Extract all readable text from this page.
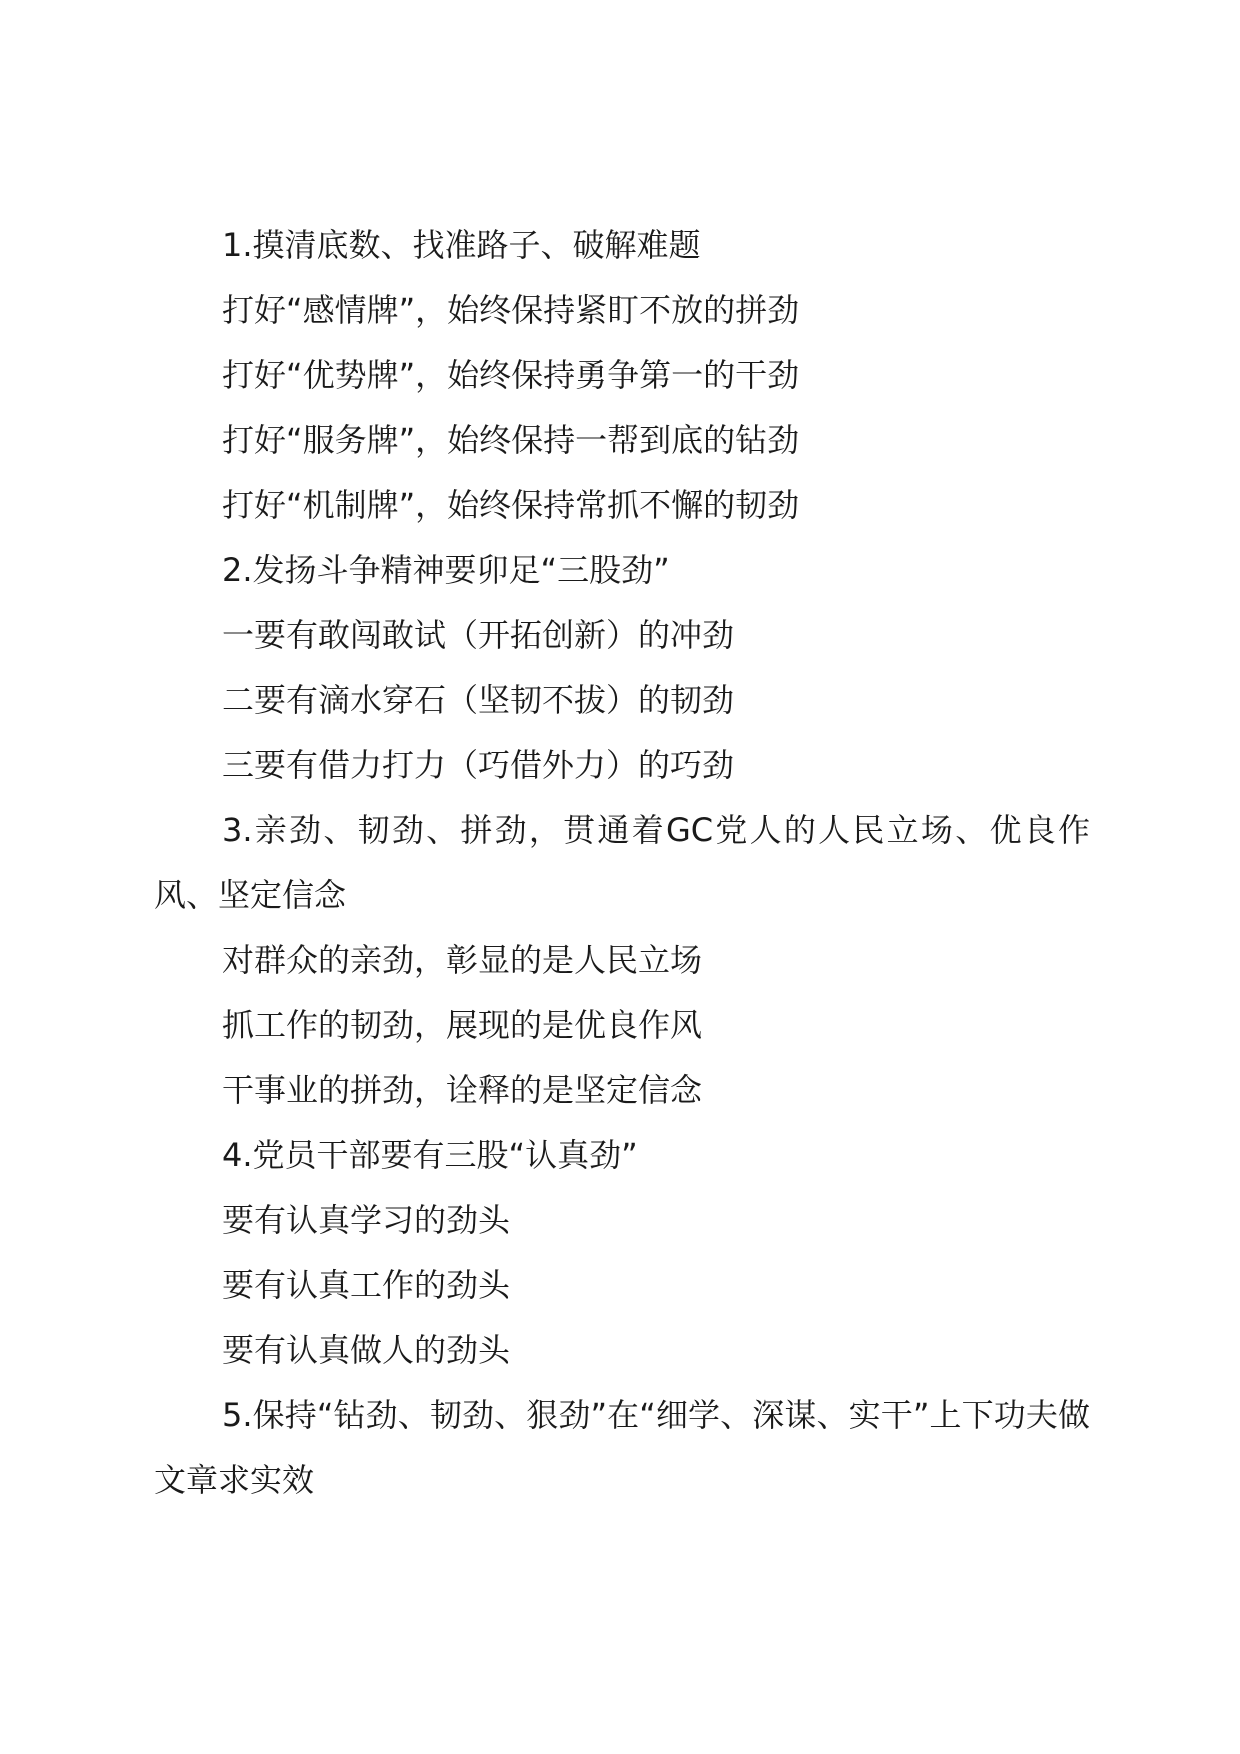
1.摸清底数、找准路子、破解难题
打好“感情牌”，始终保持紧盯不放的拼劲
打好“优势牌”，始终保持勇争第一的干劲
打好“服务牌”，始终保持一帮到底的钻劲
打好“机制牌”，始终保持常抓不懈的韧劲
2.发扬斗争精神要卯足“三股劲”
一要有敢闯敢试（开拓创新）的冲劲
二要有滴水穿石（坚韧不拔）的韧劲
三要有借力打力（巧借外力）的巧劲
3.亲劲、韧劲、拼劲，贯通着GC党人的人民立场、优良作风、坚定信念
对群众的亲劲，彰显的是人民立场
抓工作的韧劲，展现的是优良作风
干事业的拼劲，诠释的是坚定信念
4.党员干部要有三股“认真劲”
要有认真学习的劲头
要有认真工作的劲头
要有认真做人的劲头
5.保持“钻劲、韧劲、狠劲”在“细学、深谋、实干”上下功夫做文章求实效
